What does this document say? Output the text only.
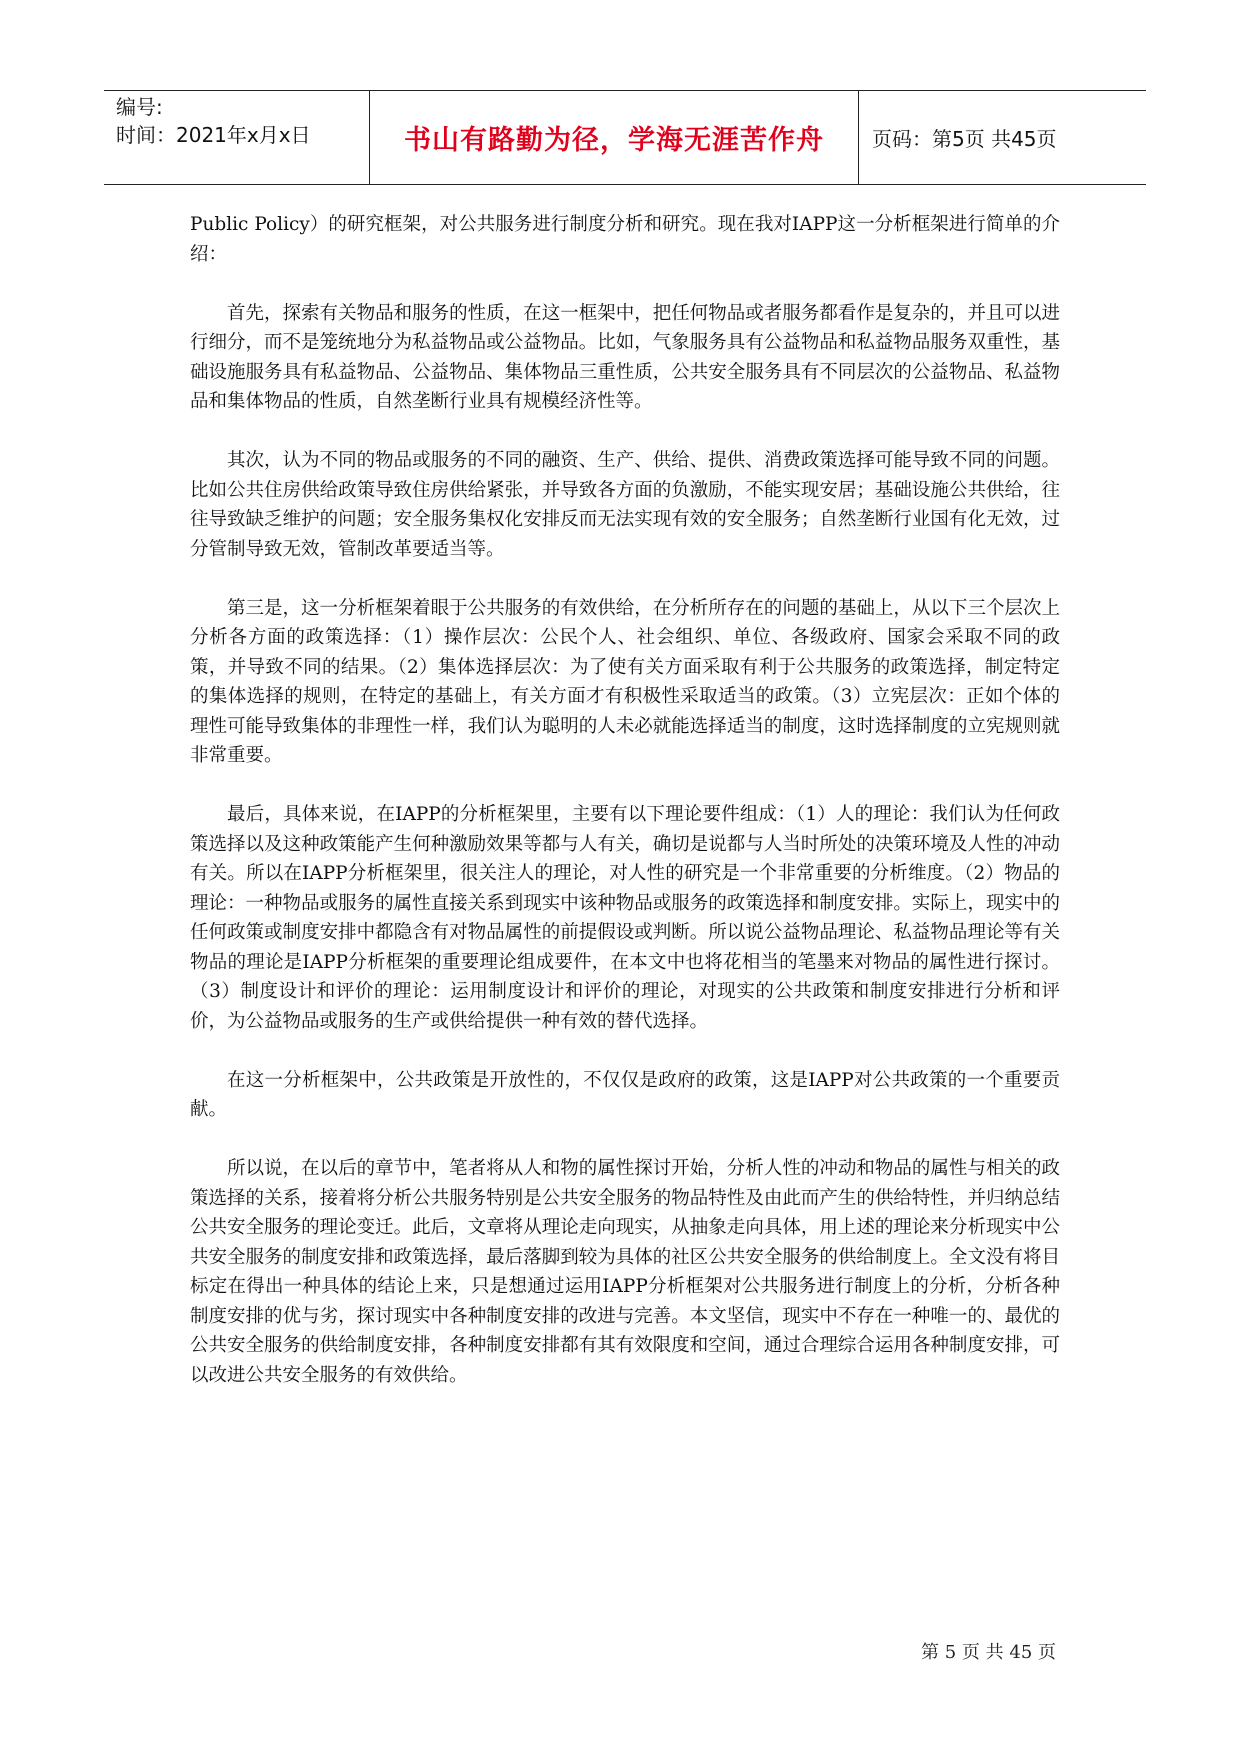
编号:
时间：2021年x月x日	书山有路勤为径，学海无涯苦作舟	页码：第5页 共45页

Public Policy）的研究框架，对公共服务进行制度分析和研究。现在我对IAPP这一分析框架进行简单的介绍：

首先，探索有关物品和服务的性质，在这一框架中，把任何物品或者服务都看作是复杂的，并且可以进行细分，而不是笼统地分为私益物品或公益物品。比如，气象服务具有公益物品和私益物品服务双重性，基础设施服务具有私益物品、公益物品、集体物品三重性质，公共安全服务具有不同层次的公益物品、私益物品和集体物品的性质，自然垄断行业具有规模经济性等。

其次，认为不同的物品或服务的不同的融资、生产、供给、提供、消费政策选择可能导致不同的问题。比如公共住房供给政策导致住房供给紧张，并导致各方面的负激励，不能实现安居；基础设施公共供给，往往导致缺乏维护的问题；安全服务集权化安排反而无法实现有效的安全服务；自然垄断行业国有化无效，过分管制导致无效，管制改革要适当等。

第三是，这一分析框架着眼于公共服务的有效供给，在分析所存在的问题的基础上，从以下三个层次上分析各方面的政策选择：（1）操作层次：公民个人、社会组织、单位、各级政府、国家会采取不同的政策，并导致不同的结果。（2）集体选择层次：为了使有关方面采取有利于公共服务的政策选择，制定特定的集体选择的规则，在特定的基础上，有关方面才有积极性采取适当的政策。（3）立宪层次：正如个体的理性可能导致集体的非理性一样，我们认为聪明的人未必就能选择适当的制度，这时选择制度的立宪规则就非常重要。

最后，具体来说，在IAPP的分析框架里，主要有以下理论要件组成：（1）人的理论：我们认为任何政策选择以及这种政策能产生何种激励效果等都与人有关，确切是说都与人当时所处的决策环境及人性的冲动有关。所以在IAPP分析框架里，很关注人的理论，对人性的研究是一个非常重要的分析维度。（2）物品的理论：一种物品或服务的属性直接关系到现实中该种物品或服务的政策选择和制度安排。实际上，现实中的任何政策或制度安排中都隐含有对物品属性的前提假设或判断。所以说公益物品理论、私益物品理论等有关物品的理论是IAPP分析框架的重要理论组成要件，在本文中也将花相当的笔墨来对物品的属性进行探讨。（3）制度设计和评价的理论：运用制度设计和评价的理论，对现实的公共政策和制度安排进行分析和评价，为公益物品或服务的生产或供给提供一种有效的替代选择。

在这一分析框架中，公共政策是开放性的，不仅仅是政府的政策，这是IAPP对公共政策的一个重要贡献。

所以说，在以后的章节中，笔者将从人和物的属性探讨开始，分析人性的冲动和物品的属性与相关的政策选择的关系，接着将分析公共服务特别是公共安全服务的物品特性及由此而产生的供给特性，并归纳总结公共安全服务的理论变迁。此后，文章将从理论走向现实，从抽象走向具体，用上述的理论来分析现实中公共安全服务的制度安排和政策选择，最后落脚到较为具体的社区公共安全服务的供给制度上。全文没有将目标定在得出一种具体的结论上来，只是想通过运用IAPP分析框架对公共服务进行制度上的分析，分析各种制度安排的优与劣，探讨现实中各种制度安排的改进与完善。本文坚信，现实中不存在一种唯一的、最优的公共安全服务的供给制度安排，各种制度安排都有其有效限度和空间，通过合理综合运用各种制度安排，可以改进公共安全服务的有效供给。

第 5 页 共 45 页
